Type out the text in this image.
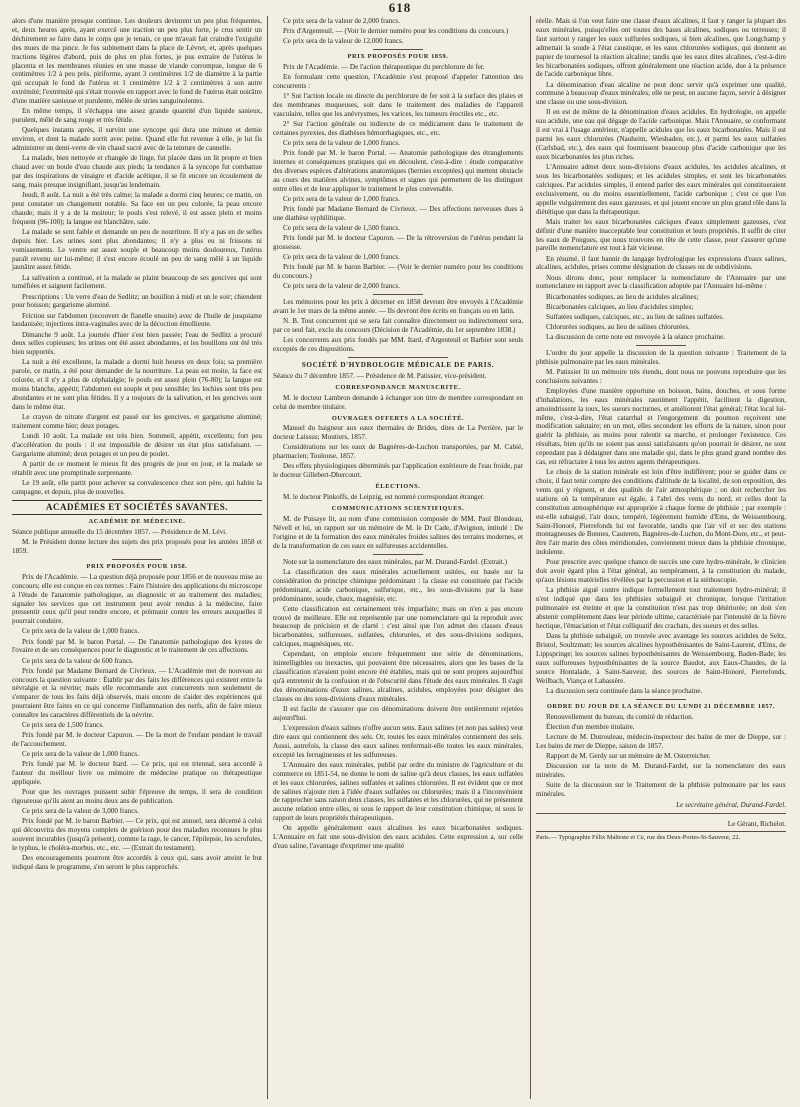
618

alors d'une manière presque continue. Les douleurs devinrent un peu plus fréquentes, et, deux heures après, ayant exercé une traction un peu plus forte, je crus sentir un déchirement se faire dans le corps que je tenais, ce que m'avait fait craindre l'exiguïté des mues de ma pince. Je fus subitement dans la place de Lévret, et, après quelques tractions légères d'abord, puis de plus en plus fortes, je pus extraire de l'utérus le placenta et les membranes réunies en une masse de viande corrompue, longue de 6 centimètres 1/2 à peu près, piriforme, ayant 3 centimètres 1/2 de diamètre à la partie qui occupait le fond de l'utérus et 1 centimètre 1/2 à 2 centimètres à son autre extrémité; l'extrémité qui s'était trouvée en rapport avec le fond de l'utérus était noirâtre d'une matière sanieuse et purulente, mêlée de stries sanguinolentes.

En même temps, il s'échappa une assez grande quantité d'un liquide sanieux, purulent, mêlé de sang rouge et très fétide.

Quelques instants après, il survint une syncope qui dura une minute et demie environ, et dont la malade sortit avec peine. Quand elle fut revenue à elle, je lui fis administrer un demi-verre de vin chaud sucré avec de la teinture de cannelle.

La malade, bien nettoyée et changée de linge, fut placée dans un lit propre et bien chaud avec un boule d'eau chaude aux pieds; la tendance à la syncope fut combattue par des inspirations de vinaigre et d'acide acétique, il se fit encore un écoulement de sang, mais presque insignifiant, jusqu'au lendemain.

Jeudi, 8 août. La nuit a été très calme; la malade a dormi cinq heures; ce matin, on peut constater un changement notable. Sa face est un peu colorée, la peau encore chaude; mais il y a de la moiteur; le pouls s'est relevé, il est assez plein et moins fréquent (96-100); la langue est blanchâtre, sale.

La malade se sent faible et demande un peu de nourriture. Il n'y a pas en de selles depuis hier. Les urines sont plus abondantes; il n'y a plus eu ni frissons ni vomissements. Le ventre est assez souple et beaucoup moins douloureux, l'utérus paraît revenu sur lui-même; il s'est encore écoulé un peu de sang mêlé à un liquide jaunâtre assez fétide.

La salivation a continué, et la malade se plaint beaucoup de ses gencives qui sont tuméfiées et saignent facilement.

Prescriptions : Un verre d'eau de Sedlitz; un bouillon à midi et un le soir; chiendent pour boisson; gargarisme aluminé.

Friction sur l'abdomen (recouvert de flanelle ensuite) avec de l'huile de jusquiame laudanisée; injections intra-vaginales avec de la décoction émolliente.

Dimanche 9 août. La journée d'hier s'est bien passée; l'eau de Sedlitz a procuré deux selles copieuses; les urines ont été assez abondantes, et les bouillons ont été très bien supportés.

La nuit a été excellente, la malade a dormi huit heures en deux fois; sa première parole, ce matin, a été pour demander de la nourriture. La peau est moite, la face est colorée, et il n'y a plus de céphalalgie; le pouls est assez plein (76-80); la langue est moins blanche, appétit; l'abdomen est souple et peu sensible; les lochies sont très peu abondantes et ne sont plus fétides. Il y a toujours de la salivation, et les gencives sont dans le même état.

Le crayon de nitrate d'argent est passé sur les gencives, et gargarisme aluminé; traitement comme hier; deux potages.

Lundi 10 août. La malade est très bien. Sommeil, appétit, excellents; fort peu d'accélération du pouls : il est impossible de désirer un état plus satisfaisant. — Gargarisme aluminé; deux potages et un peu de poulet.

A partir de ce moment le mieux fit des progrès de jour en jour, et la malade se rétablit avec une promptitude surprenante.

Le 19 août, elle partit pour achever sa convalescence chez son père, qui habite la campagne, et depuis, plus de nouvelles.

ACADÉMIES ET SOCIÉTÉS SAVANTES.
ACADÉMIE DE MÉDECINE.

Séance publique annuelle du 15 décembre 1857. — Présidence de M. Lévi.

M. le Président donne lecture des sujets des prix proposés pour les années 1858 et 1859.

PRIX PROPOSÉS POUR 1858.

Prix de l'Académie. — La question déjà proposée pour 1856 et de nouveau mise au concours; elle est conçue en ces termes : Faire l'histoire des applications du microscope à l'étude de l'anatomie pathologique, au diagnostic et au traitement des maladies; signaler les services que cet instrument peut avoir rendus à la médecine, faire pressentir ceux qu'il peut rendre encore, et prémunir contre les erreurs auxquelles il pourrait conduire.

Ce prix sera de la valeur de 1,000 francs.

Prix fondé par M. le baron Portal. — De l'anatomie pathologique des kystes de l'ovaire et de ses conséquences pour le diagnostic et le traitement de ces affections.

Ce prix sera de la valeur de 600 francs.

Prix fondé par Madame Bernard de Civrieux. — L'Académie met de nouveau au concours la question suivante : Établir par des faits les différences qui existent entre la névralgie et la névrite; mais elle recommande aux concurrents non seulement de s'emparer de tous les faits déjà observés, mais encore de s'aider des expériences qui pourraient être faites en ce qui concerne l'inflammation des nerfs, afin de faire mieux connaître les caractères différentiels de la névrite.

Ce prix sera de 1,500 francs.

Prix fondé par M. le docteur Capuron. — De la mort de l'enfant pendant le travail de l'accouchement.

Ce prix sera de la valeur de 1,000 francs.

Prix fondé par M. le docteur Itard. — Ce prix, qui est triennal, sera accordé à l'auteur du meilleur livre ou mémoire de médecine pratique ou thérapeutique appliquée.

Pour que les ouvrages puissent subir l'épreuve du temps, il sera de condition rigoureuse qu'ils aient au moins deux ans de publication.

Ce prix sera de la valeur de 3,000 francs.

Prix fondé par M. le baron Barbier. — Ce prix, qui est annuel, sera décerné à celui qui découvrira des moyens complets de guérison pour des maladies reconnues le plus souvent incurables (jusqu'à présent), comme la rage, le cancer, l'épilepsie, les scrofules, le typhus, le choléra-morbus, etc., etc. — (Extrait du testament).

Des encouragements pourront être accordés à ceux qui, sans avoir atteint le but indiqué dans le programme, s'en seront le plus rapprochés.

Ce prix sera de la valeur de 2,000 francs.

Prix d'Argenteuil. — (Voir le dernier numéro pour les conditions du concours.)

Ce prix sera de la valeur de 12,000 francs.

PRIX PROPOSÉS POUR 1859.

Prix de l'Académie. — De l'action thérapeutique du perchlorure de fer.

En formulant cette question, l'Académie s'est proposé d'appeler l'attention des concurrents :

1° Sur l'action locale ou directe du perchlorure de fer soit à la surface des plaies et des membranes muqueuses, soit dans le traitement des maladies de l'appareil vasculaire, telles que les anévrysmes, les varices, les tumeurs érectiles etc., etc.

2° Sur l'action générale ou indirecte de ce médicament dans le traitement de certaines pyrexies, des diathèses hémorrhagiques, etc., etc.

Ce prix sera de la valeur de 1,000 francs.

Prix fondé par M. le baron Portal. — Anatomie pathologique des étranglements internes et conséquences pratiques qui en découlent, c'est-à-dire : étude comparative des diverses espèces d'altérations anatomiques (hernies exceptées) qui mettent obstacle au cours des matières alvines, symptômes et signes qui permettent de les distinguer entre elles et de leur appliquer le traitement le plus convenable.

Ce prix sera de la valeur de 1,000 francs.

Prix fondé par Madame Bernard de Civrieux. — Des affections nerveuses dues à une diathèse syphilitique.

Ce prix sera de la valeur de 1,500 francs.

Prix fondé par M. le docteur Capuron. — De la rétroversion de l'utérus pendant la grossesse.

Ce prix sera de la valeur de 1,000 francs.

Prix fondé par M. le baron Barbier. — (Voir le dernier numéro pour les conditions du concours.)

Ce prix sera de la valeur de 2,000 francs.

Les mémoires pour les prix à décerner en 1858 devront être envoyés à l'Académie avant le 1er mars de la même année. — Ils devront être écrits en français ou en latin.

N. B. Tout concurrent qui se sera fait connaître directement ou indirectement sera, par ce seul fait, exclu du concours (Décision de l'Académie, du 1er septembre 1838.)

Les concurrents aux prix fondés par MM. Itard, d'Argenteuil et Barbier sont seuls exceptés de ces dispositions.

SOCIÉTÉ D'HYDROLOGIE MÉDICALE DE PARIS.

Séance du 7 décembre 1857. — Présidence de M. Patissier, vice-président.

CORRESPONDANCE MANUSCRITE.

M. le docteur Lambron demande à échanger son titre de membre correspondant en celui de membre titulaire.

OUVRAGES OFFERTS A LA SOCIÉTÉ.

Manuel du baigneur aux eaux thermales de Brides, dites de La Perrière, par le docteur Laissus; Moutiers, 1857.

Considérations sur les eaux de Bagnères-de-Luchon transportées, par M. Cabié, pharmacien; Toulouse, 1857.

Des effets physiologiques déterminés par l'application extérieure de l'eau froide, par le docteur Gillebert-Dhercourt.

ÉLECTIONS.

M. le docteur Pinkoffs, de Leipzig, est nommé correspondant étranger.

COMMUNICATIONS SCIENTIFIQUES.

M. de Puisaye lit, au nom d'une commission composée de MM. Paul Blondeau, Névell et lui, un rapport sur un mémoire de M. le Dr Cade, d'Avignon, intitulé : De l'origine et de la formation des eaux minérales froides salines des terrains modernes, et de la transformation de ces eaux en sulfureuses accidentelles.

Note sur la nomenclature des eaux minérales, par M. Durand-Fardel. (Extrait.)

La classification des eaux minérales actuellement usitées, est basée sur la considération du principe chimique prédominant : la classe est constituée par l'acide prédominant, acide carbonique, sulfurique, etc., les sous-divisions par la base prédominante, soude, chaux, magnésie, etc.

Cette classification est certainement très imparfaite; mais on n'en a pas encore trouvé de meilleure. Elle est représentée par une nomenclature qui la reproduit avec beaucoup de précision et de clarté : c'est ainsi que l'on admet des classes d'eaux bicarbonatées, sulfureuses, sulfatées, chlorurées, et des sous-divisions sodiques, calciques, magnésiques, etc.

Cependant, on emploie encore fréquemment une série de dénominations, inintelligibles ou inexactes, qui pouvaient être nécessaires, alors que les bases de la classification n'avaient point encore été établies, mais qui ne sont propres aujourd'hui qu'à entretenir de la confusion et de l'obscurité dans l'étude des eaux minérales. Il s'agit des dénominations d'eaux salines, alcalines, acidules, employées pour désigner des classes ou des sous-divisions d'eaux minérales.

Il est facile de s'assurer que ces dénominations doivent être entièrement rejetées aujourd'hui.

L'expression d'eaux salines n'offre aucun sens. Eaux salines (et non pas salées) veut dire eaux qui contiennent des sels. Or, toutes les eaux minérales contiennent des sels. Aussi, autrefois, la classe des eaux salines renfermait-elle toutes les eaux minérales, excepté les ferrugineuses et les sulfureuses.

L'Annuaire des eaux minérales, publié par ordre du ministre de l'agriculture et du commerce en 1851-54, ne donne le nom de saline qu'à deux classes, les eaux sulfatées et les eaux chlorurées, salines sulfatées et salines chlorurées. Il est évident que ce mot de salines n'ajoute rien à l'idée d'eaux sulfatées ou chlorurées; mais il a l'inconvénient de rapprocher sans raison deux classes, les sulfatées et les chlorurées, qui ne présentent aucune relation entre elles, ni sous le rapport de leur constitution chimique, ni sous le rapport de leurs propriétés thérapeutiques.

On appelle généralement eaux alcalines les eaux bicarbonatées sodiques. L'Annuaire en fait une sous-division des eaux acidules. Cette expression a, sur celle d'eau saline, l'avantage d'exprimer une qualité

réelle. Mais si l'on veut faire une classe d'eaux alcalines, il faut y ranger la plupart des eaux minérales, puisqu'elles ont toutes des bases alcalines, sodiques ou terreuses; il faut surtout y ranger les eaux sulfurées sodiques, si bien alcalines, que Longchamp y admettait la soude à l'état caustique, et les eaux chlorurées sodiques, qui donnent au papier de tournesol la réaction alcaline; tandis que les eaux dites alcalines, c'est-à-dire les bicarbonatées sodiques, offrent généralement une réaction acide, due à la présence de l'acide carbonique libre.

La dénomination d'eau alcaline ne peut donc servir qu'à exprimer une qualité, commune à beaucoup d'eaux minérales; elle ne peut, en aucune façon, servir à désigner une classe ou une sous-division.

Il en est de même de la dénomination d'eaux acidules. En hydrologie, on appelle eau acidule, une eau qui dégage de l'acide carbonique. Mais l'Annuaire, se conformant il est vrai à l'usage antérieur, n'appelle acidules que les eaux bicarbonatées. Mais il est parmi les eaux chlorurées (Nauheim, Wiesbaden, etc.), et parmi les eaux sulfatées (Carlsbad, etc.), des eaux qui fournissent beaucoup plus d'acide carbonique que les eaux bicarbonatées les plus riches.

L'Annuaire admet deux sous-divisions d'eaux acidules, les acidules alcalines, et sous les bicarbonatées sodiques; et les acidules simples, et sont les bicarbonatées calciques. Par acidules simples, il entend parler des eaux minérales qui constitueraient exclusivement, ou du moins essentiellement, l'acide carbonique ; c'est ce que l'on appelle vulgairement des eaux gazeuses, et qui jouent encore un plus grand rôle dans la diététique que dans la thérapeutique.

Mais traiter les eaux bicarbonatées calciques d'eaux simplement gazeuses, c'est définir d'une manière inacceptable leur constitution et leurs propriétés. Il suffit de citer les eaux de Pougues, que nous trouvons en tête de cette classe, pour s'assurer qu'une pareille nomenclature est tout à fait vicieuse.

En résumé, il faut bannir du langage hydrologique les expressions d'eaux salines, alcalines, acidules, prises comme désignation de classes ou de subdivisions.

Nous dirons donc, pour remplacer la nomenclature de l'Annuaire par une nomenclature en rapport avec la classification adoptée par l'Annuaire lui-même :

Bicarbonatées sodiques, au lieu de acidules alcalines;

Bicarbonatées calciques, au lieu d'acidules simples;

Sulfatées sodiques, calciques, etc., au lieu de salines sulfatées.

Chlorurées sodiques, au lieu de salines chlorurées.

La discussion de cette note est renvoyée à la séance prochaine.

L'ordre du jour appelle la discussion de la question suivante : Traitement de la phthisie pulmonaire par les eaux minérales.

M. Patissier lit un mémoire très étendu, dont nous ne pouvons reproduire que les conclusions suivantes :

Employées d'une manière opportune en boisson, bains, douches, et sous forme d'inhalations, les eaux minérales rauniment l'appétit, facilitent la digestion, amoindrissent la toux, les sueurs nocturnes, et améliorent l'état général; l'état local lui-même, c'est-à-dire, l'état catarrhal et l'engorgement du poumon reçoivent une modification salutaire; en un mot, elles secondent les efforts de la nature, sinon pour guérir la phthisie, au moins pour ralentir sa marche, et prolonger l'existence. Ces résultats, bien qu'ils ne soient pas aussi satisfaisants qu'on pourrait le désirer, ne sont cependant pas à dédaigner dans une maladie qui, dans le plus grand grand nombre des cas, est réfractaire à tous les autres agents thérapeutiques.

Le choix de la station minérale est loin d'être indifférent; pour se guider dans ce choix, il faut tenir compte des conditions d'altitude de la localité, de son exposition, des vents qui y règnent, et des qualités de l'air atmosphérique ; on doit rechercher les stations où la température est égale, à l'abri des vents du nord, et celles dont la constitution atmosphérique est appropriée à chaque forme de phthisie ; par exemple : est-elle subaiguë, l'air doux, tempéré, légèrement humide d'Ems, de Weissembourg, Saint-Honoré, Pierrefonds lui est favorable, tandis que l'air vif et sec des stations montagneuses de Bonnes, Cauterets, Bagnères-de-Luchon, du Mont-Dore, etc., et peut-être l'air marin des côtes méridionales, conviennent mieux dans la phthisie chronique, indolente.

Pour prescrire avec quelque chance de succès une cure hydro-minérale, le clinicien doit avoir égard plus à l'état général, au tempérament, à la constitution du malade, qu'aux lésions matérielles révélées par la percussion et la stéthoscopie.

La phthisie aiguë contre indique formellement tout traitement hydro-minéral; il n'est indiqué que dans les phthisies subaiguë et chronique, lorsque l'irritation pulmonaire est éteinte et que la constitution n'est pas trop détériorée; on doit s'en abstenir complètement dans leur période ultime, caractérisée par l'intensité de la fièvre hectique, l'émaciation et l'état colliquatif des crachats, des sueurs et des selles.

Dans la phthisie subaiguë, on trouvée avec avantage les sources acidules de Seltz, Bristol, Soultzmatt; les sources alcalines hyposthénisantes de Saint-Laurent, d'Ems, de Lippspringe; les sources salines hyposthénisantes de Weissembourg, Baden-Bade; les eaux sulfureuses hyposthénisantes de la source Baudot, aux Eaux-Chaudes, de la source Hontalade, à Saint-Sauveur, des sources de Saint-Honoré, Pierrefonds, Weilbach, Viança et Labassère.

La discussion sera continuée dans la séance prochaine.

ORDRE DU JOUR DE LA SÉANCE DU LUNDI 21 DÉCEMBRE 1857.

Renouvellement du bureau, du comité de rédaction.

Élection d'un membre titulaire.

Lecture de M. Dutrouleau, médecin-inspecteur des bains de mer de Dieppe, sur : Les bains de mer de Dieppe, saison de 1857.

Rapport de M. Gerdy sur un mémoire de M. Osterreicher.

Discussion sur la note de M. Durand-Fardel, sur la nomenclature des eaux minérales.

Suite de la discussion sur le Traitement de la phthisie pulmonaire par les eaux minérales.

Le secrétaire général, Durand-Fardel.

Le Gérant, Richelot.

Paris.— Typographie Félix Malteste et Ce, rue des Deux-Portes-St-Sauveur, 22.
